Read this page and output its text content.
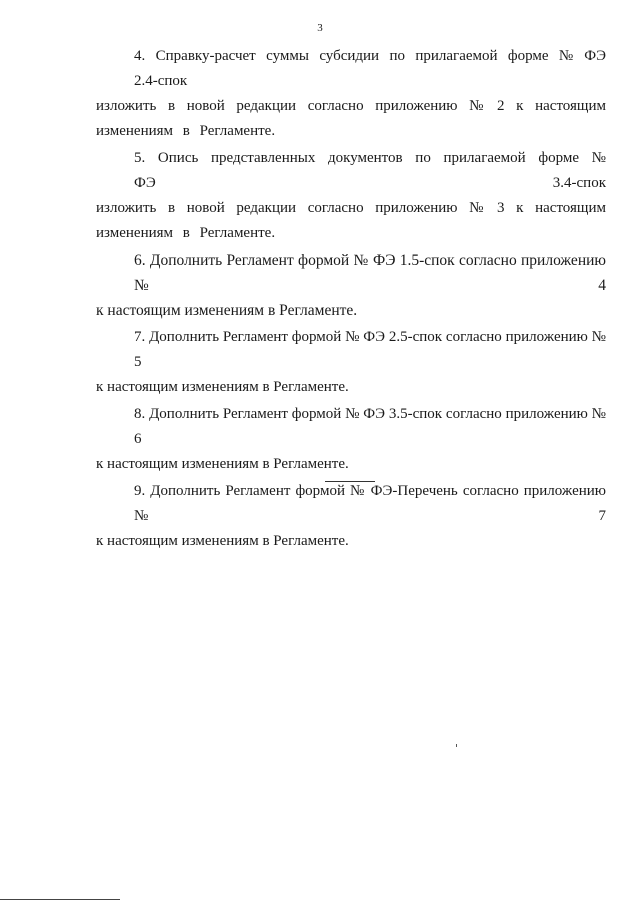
3

4. Справку-расчет суммы субсидии по прилагаемой форме № ФЭ 2.4-спок
изложить в новой редакции согласно приложению № 2 к настоящим изменениям в Регламенте.

5. Опись представленных документов по прилагаемой форме № ФЭ 3.4-спок
изложить в новой редакции согласно приложению № 3 к настоящим изменениям в Регламенте.

6. Дополнить Регламент формой № ФЭ 1.5-спок согласно приложению № 4
к настоящим изменениям в Регламенте.

7. Дополнить Регламент формой № ФЭ 2.5-спок согласно приложению № 5
к настоящим изменениям в Регламенте.

8. Дополнить Регламент формой № ФЭ 3.5-спок согласно приложению № 6
к настоящим изменениям в Регламенте.

9. Дополнить Регламент формой № ФЭ-Перечень согласно приложению № 7
к настоящим изменениям в Регламенте.
